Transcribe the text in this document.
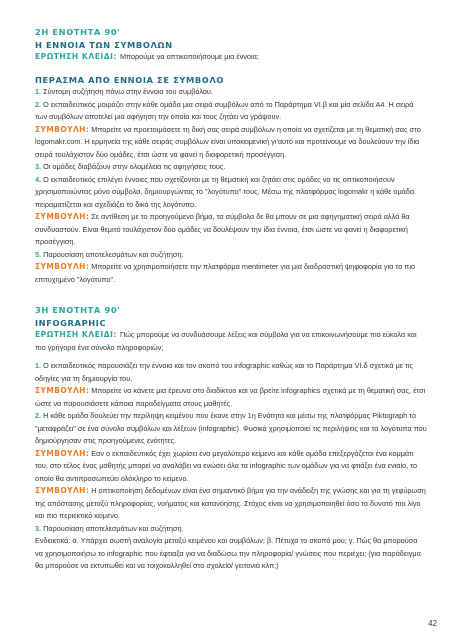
2Η ΕΝΟΤΗΤΑ 90'
Η ΕΝΝΟΙΑ ΤΩΝ ΣΥΜΒΟΛΩΝ
ΕΡΩΤΗΣΗ ΚΛΕΙΔΙ: Μπορούμε να οπτικοποιήσουμε μια έννοια;
ΠΕΡΑΣΜΑ ΑΠΟ ΕΝΝΟΙΑ ΣΕ ΣΥΜΒΟΛΟ

1. Σύντομη συζήτηση πάνω στην έννοια του συμβόλου.

2. Ο εκπαιδευτικός μοιράζει στην κάθε ομάδα μια σειρά συμβόλων από το Παράρτημα VI.β και μία σελίδα Α4. Η σειρά των συμβόλων αποτελεί μια αφήγηση την οποία και τους ζητάει να γράψουν.

ΣΥΜΒΟΥΛΗ: Μπορείτε να προετοιμάσετε τη δική σας σειρά συμβόλων η οποία να σχετίζεται με τη θεματική σας στο logomakr.com. Η ερμηνεία της κάθε σειράς συμβόλων είναι υποκειμενική γι'αυτό και προτείνουμε να δουλεύουν την ίδια σειρά τουλάχιστον δύο ομάδες, έτσι ώστε να φανεί η διαφορετική προσέγγιση.

3. Οι ομάδες διαβάζουν στην ολομέλεια τις αφηγήσεις τους.

4. Ο εκπαιδευτικός επιλέγει έννοιες που σχετίζονται με τη θεματική και ζητάει στις ομάδες να τις οπτικοποιήσουν χρησιμοποιώντας μόνο σύμβολα, δημιουργώντας το "λογότυπο" τους. Μέσω της πλατφόρμας logomakr η κάθε ομάδα πειραματίζεται και σχεδιάζει το δικό της λογότυπο.

ΣΥΜΒΟΥΛΗ: Σε αντίθεση με το προηγούμενο βήμα, τα σύμβολα δε θα μπουν σε μια αφηγηματική σειρά αλλά θα συνδυαστούν. Είναι θεμιτό τουλάχιστον δύο ομάδες να δουλέψουν την ίδια έννοια, έτσι ώστε να φανεί η διαφορετική προσέγγιση.

5. Παρουσίαση αποτελεσμάτων και συζήτηση.

ΣΥΜΒΟΥΛΗ: Μπορείτε να χρησιμοποιήσετε την πλατφόρμα mentimeter για μια διαδραστική ψηφοφορία για το πιο επιτυχημένο "λογότυπο".

3Η ΕΝΟΤΗΤΑ 90'
INFOGRAPHIC
ΕΡΩΤΗΣΗ ΚΛΕΙΔΙ: Πώς μπορούμε να συνδυάσουμε λέξεις και σύμβολα για να επικοινωνήσουμε πιο εύκολα και πιο γρήγορα ένα σύνολο πληροφοριών;

1. Ο εκπαιδευτικός παρουσιάζει την έννοια και τον σκοπό του infographic καθώς και το Παράρτημα VI.δ σχετικά με τις οδηγίες για τη δημιουργία του.

ΣΥΜΒΟΥΛΗ: Μπορείτε να κάνετε μια έρευνα στο διαδίκτυο και να βρείτε infographics σχετικά με τη θεματική σας, έτσι ώστε να παρουσιάσετε κάποια παραδείγματα στους μαθητές.

2. Η κάθε ομάδα δουλεύει την περίληψη κειμένου που έκανε στην 1η Ενότητα και μέσω της πλατφόρμας Piktograph το "μεταφράζει" σε ένα σύνολο συμβόλων και λέξεων (infographic). Φυσικά χρησιμοποιεί τις περιλήψεις και τα λογότυπα που δημιούργησαν στις προηγούμενες ενότητες.

ΣΥΜΒΟΥΛΗ: Εαν ο εκπαιδευτικός έχει χωρίσει ένα μεγαλύτερο κείμενο και κάθε ομάδα επεξεργάζεται ένα κομμάτι του, στο τέλος ένας μαθητής μπορεί να αναλάβει να ενώσει όλα τα infographic των ομάδων για να φτιάξει ένα ενιαίο, το οποίο θα αντιπροσωπεύει ολόκληρο το κείμενο.

ΣΥΜΒΟΥΛΗ: Η οπτικοποίηση δεδομένων είναι ένα σημαντικό βήμα για την ανάδειξη της γνώσης και για τη γεφύρωση της απόστασης μεταξύ πληροφορίας, νοήματος και κατανόησης. Στόχος είναι να χρησιμοποιηθεί όσο το δυνατό πιο λίγο και πιο περιεκτικό κείμενο.

3. Παρουσίαση αποτελεσμάτων και συζήτηση.

Ενδεικτικά: α. Υπάρχει σωστή αναλογία μεταξύ κειμένου και συμβόλων; β. Πέτυχα το σκοπό μου; γ. Πώς θα μπορούσα να χρησιμοποιήσω το infographic που έφτιαξα για να διαδώσω την πληροφορία/ γνώσεις που περιέχει; (για παράδειγμα θα μπορούσε να εκτυπωθεί και να τοιχοκολληθεί στο σχολείο/ γειτονιά κλπ;)

42
